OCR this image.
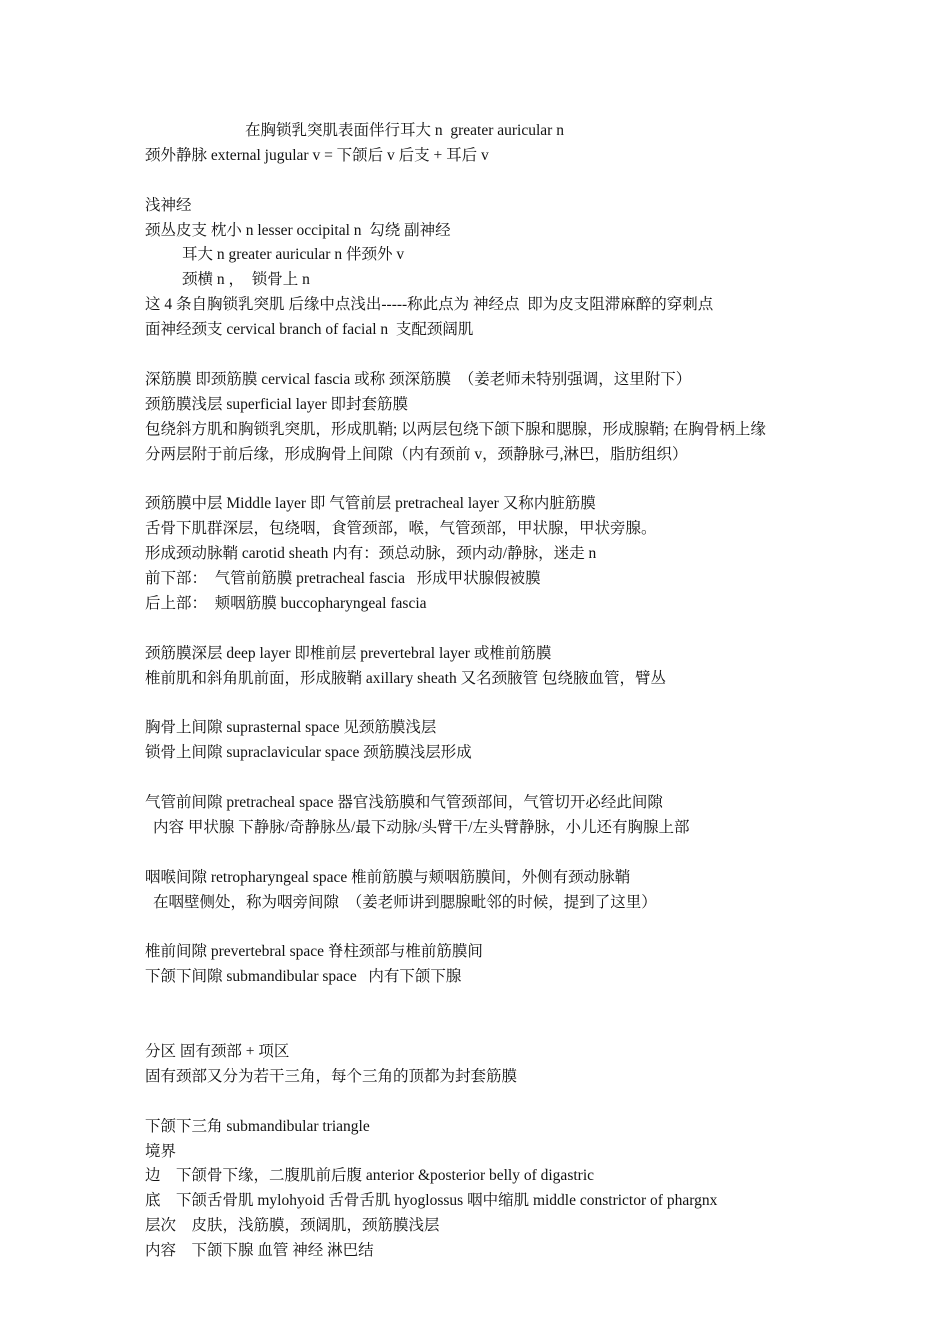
在胸锁乳突肌表面伴行耳大 n  greater auricular n
颈外静脉 external jugular v = 下颌后 v 后支 + 耳后 v
浅神经
颈丛皮支 枕小 n lesser occipital n  勾绕 副神经
耳大 n greater auricular n 伴颈外 v
颈横 n ，  锁骨上 n
这 4 条自胸锁乳突肌 后缘中点浅出-----称此点为 神经点  即为皮支阻滞麻醉的穿刺点
面神经颈支 cervical branch of facial n  支配颈阔肌
深筋膜 即颈筋膜 cervical fascia 或称 颈深筋膜  （姜老师未特别强调，这里附下）
颈筋膜浅层 superficial layer 即封套筋膜
包绕斜方肌和胸锁乳突肌，形成肌鞘; 以两层包绕下颌下腺和腮腺，形成腺鞘; 在胸骨柄上缘
分两层附于前后缘，形成胸骨上间隙（内有颈前 v，颈静脉弓,淋巴，脂肪组织）
颈筋膜中层 Middle layer 即 气管前层 pretracheal layer 又称内脏筋膜
舌骨下肌群深层，包绕咽，食管颈部，喉，气管颈部，甲状腺，甲状旁腺。
形成颈动脉鞘 carotid sheath 内有：颈总动脉，颈内动/静脉，迷走 n
前下部：  气管前筋膜 pretracheal fascia   形成甲状腺假被膜
后上部：  颊咽筋膜 buccopharyngeal fascia
颈筋膜深层 deep layer 即椎前层 prevertebral layer 或椎前筋膜
椎前肌和斜角肌前面，形成腋鞘 axillary sheath 又名颈腋管 包绕腋血管，臂丛
胸骨上间隙 suprasternal space 见颈筋膜浅层
锁骨上间隙 supraclavicular space 颈筋膜浅层形成
气管前间隙 pretracheal space 器官浅筋膜和气管颈部间，气管切开必经此间隙
内容 甲状腺 下静脉/奇静脉丛/最下动脉/头臂干/左头臂静脉，小儿还有胸腺上部
咽喉间隙 retropharyngeal space 椎前筋膜与颊咽筋膜间，外侧有颈动脉鞘
在咽壁侧处，称为咽旁间隙  （姜老师讲到腮腺毗邻的时候，提到了这里）
椎前间隙 prevertebral space 脊柱颈部与椎前筋膜间
下颌下间隙 submandibular space   内有下颌下腺
分区 固有颈部 + 项区
固有颈部又分为若干三角，每个三角的顶都为封套筋膜
下颌下三角 submandibular triangle
境界
边    下颌骨下缘，二腹肌前后腹 anterior &posterior belly of digastric
底    下颌舌骨肌 mylohyoid 舌骨舌肌 hyoglossus 咽中缩肌 middle constrictor of phargnx
层次    皮肤，浅筋膜，颈阔肌，颈筋膜浅层
内容    下颌下腺 血管 神经 淋巴结
